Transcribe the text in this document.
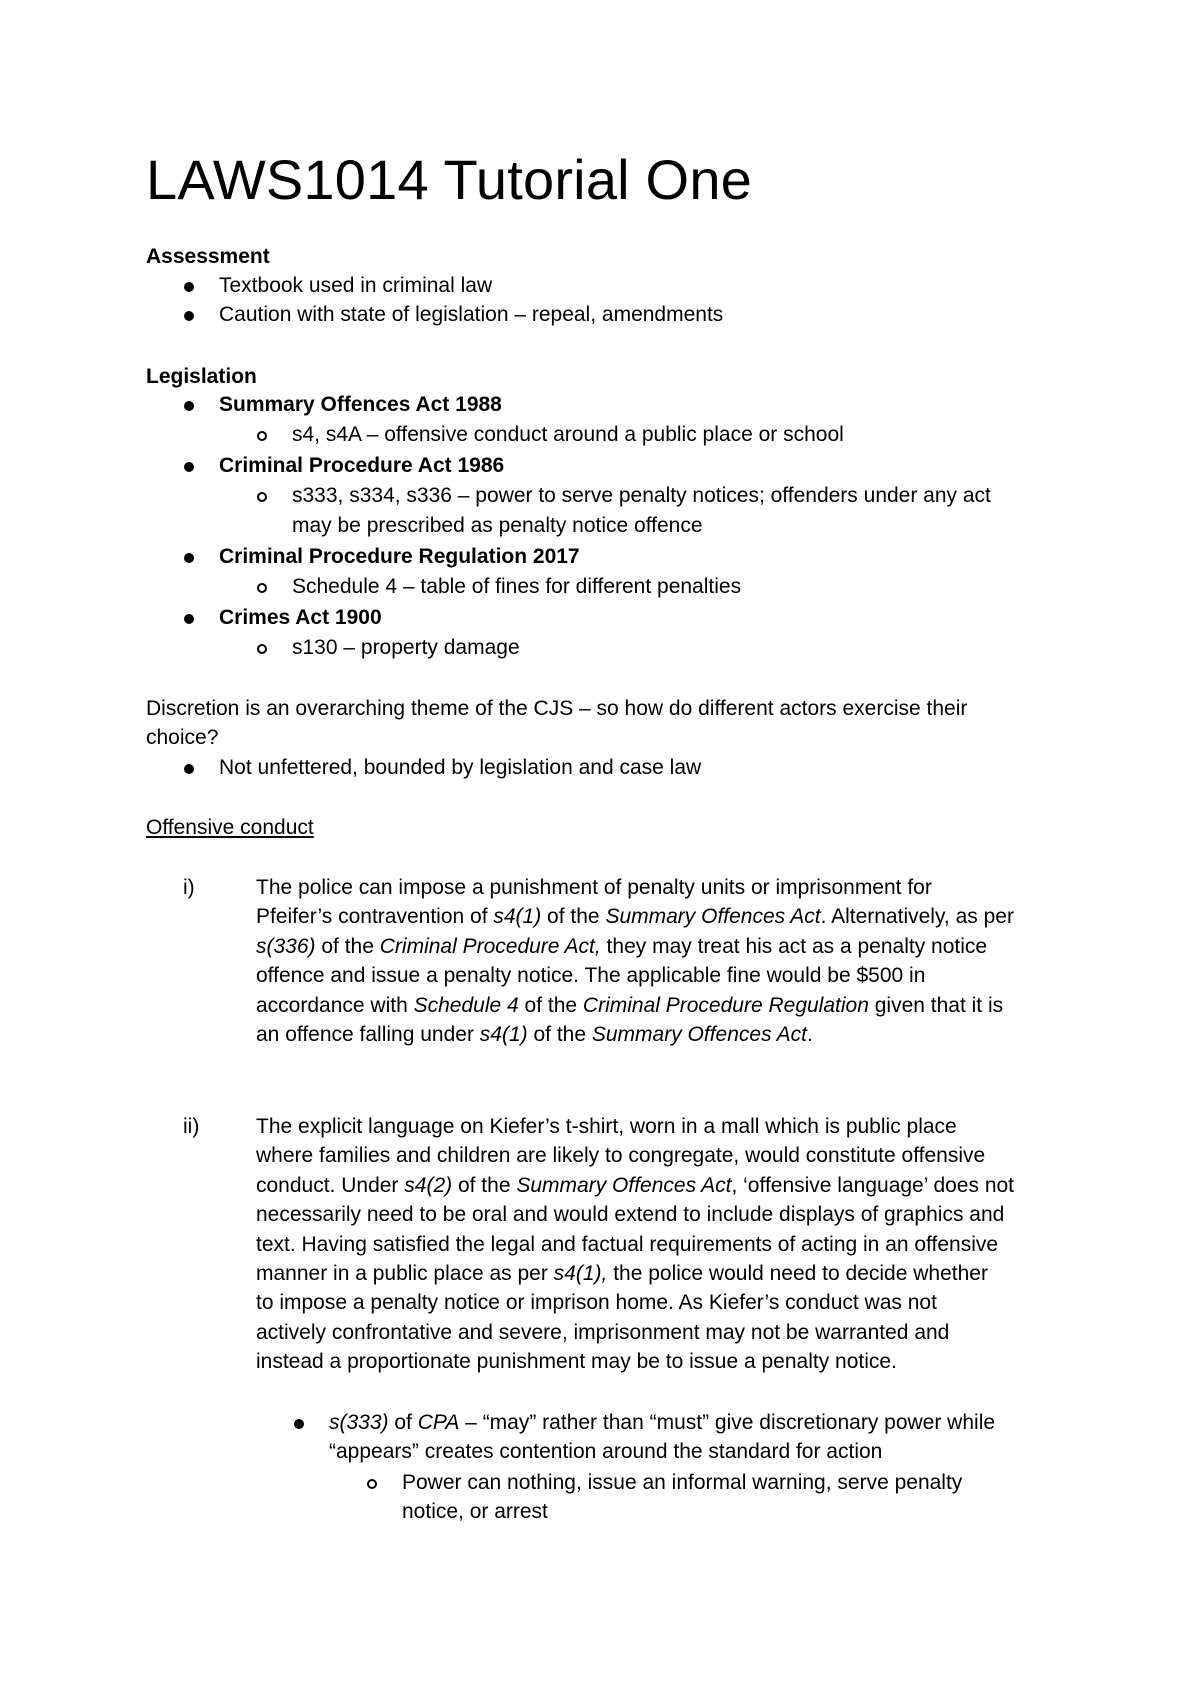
LAWS1014 Tutorial One
Assessment
Textbook used in criminal law
Caution with state of legislation – repeal, amendments
Legislation
Summary Offences Act 1988
s4, s4A – offensive conduct around a public place or school
Criminal Procedure Act 1986
s333, s334, s336 – power to serve penalty notices; offenders under any act
may be prescribed as penalty notice offence
Criminal Procedure Regulation 2017
Schedule 4 – table of fines for different penalties
Crimes Act 1900
s130 – property damage
Discretion is an overarching theme of the CJS – so how do different actors exercise their
choice?
Not unfettered, bounded by legislation and case law
Offensive conduct
i)	The police can impose a punishment of penalty units or imprisonment for
Pfeifer’s contravention of s4(1) of the Summary Offences Act. Alternatively, as per
s(336) of the Criminal Procedure Act, they may treat his act as a penalty notice
offence and issue a penalty notice. The applicable fine would be $500 in
accordance with Schedule 4 of the Criminal Procedure Regulation given that it is
an offence falling under s4(1) of the Summary Offences Act.
ii)	The explicit language on Kiefer’s t-shirt, worn in a mall which is public place
where families and children are likely to congregate, would constitute offensive
conduct. Under s4(2) of the Summary Offences Act, ‘offensive language’ does not
necessarily need to be oral and would extend to include displays of graphics and
text. Having satisfied the legal and factual requirements of acting in an offensive
manner in a public place as per s4(1), the police would need to decide whether
to impose a penalty notice or imprison home. As Kiefer’s conduct was not
actively confrontative and severe, imprisonment may not be warranted and
instead a proportionate punishment may be to issue a penalty notice.
s(333) of CPA – “may” rather than “must” give discretionary power while
“appears” creates contention around the standard for action
Power can nothing, issue an informal warning, serve penalty
notice, or arrest
